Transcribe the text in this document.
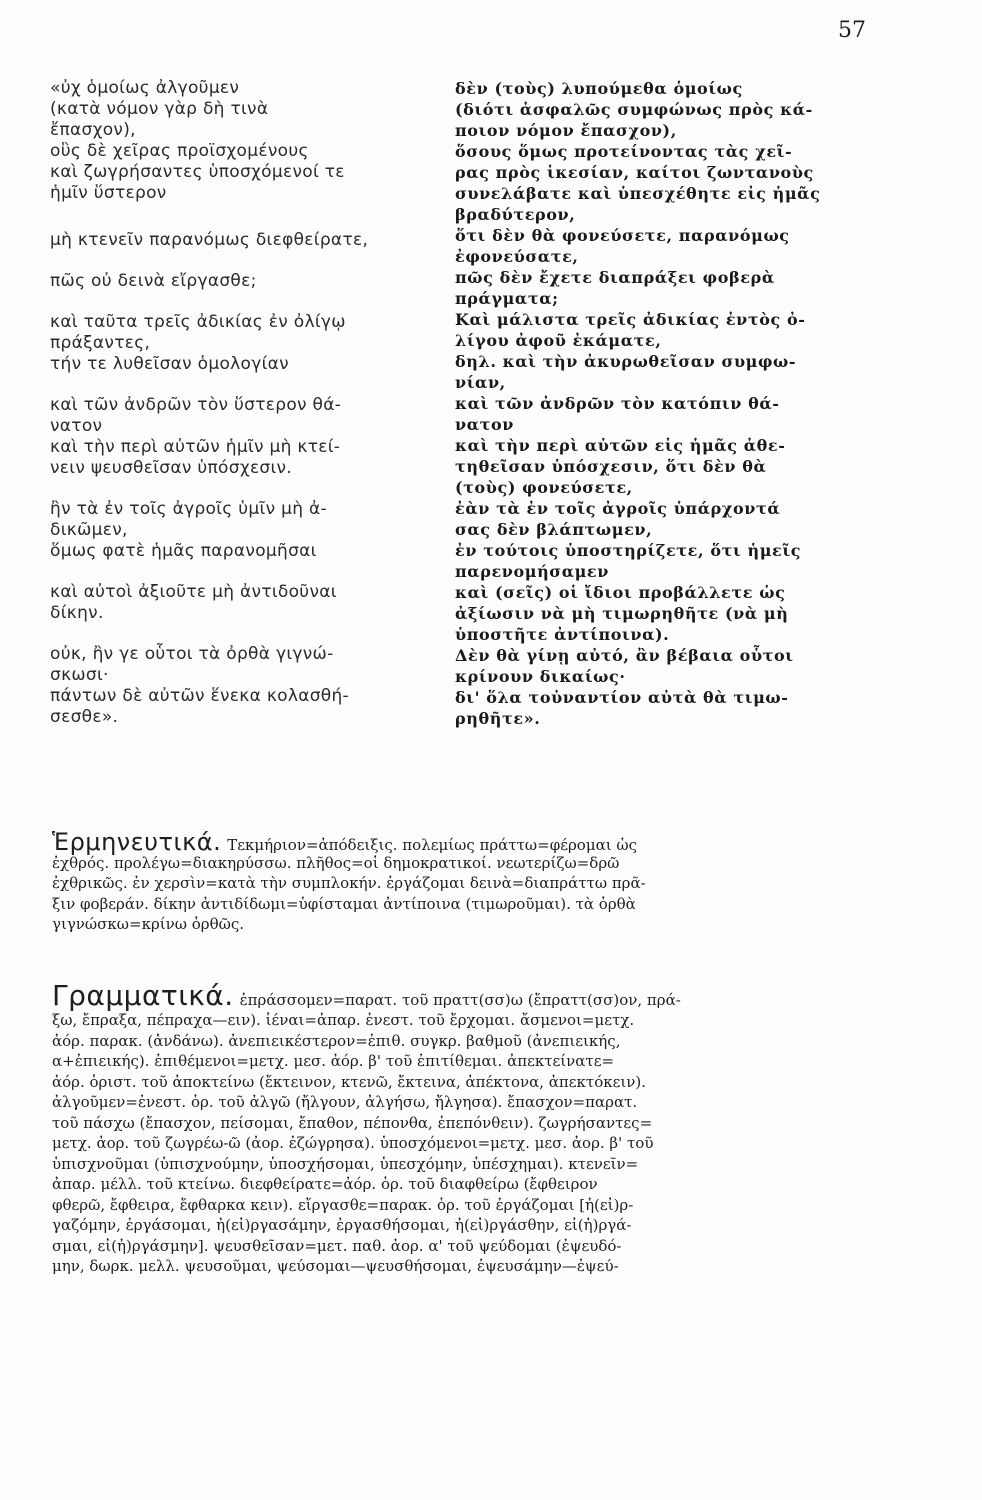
57
«ὐχ ὁμοίως ἀλγοῦμεν
(κατὰ νόμον γὰρ δὴ τινὰ
ἔπασχον),
οὓς δὲ χεῖρας προϊσχομένους
καὶ ζωγρήσαντες ὑποσχόμενοί τε
ἡμῖν ὕστερον
μὴ κτενεῖν παρανόμως διεφθείρατε,
πῶς οὐ δεινὰ εἴργασθε;
καὶ ταῦτα τρεῖς ἀδικίας ἐν ὀλίγῳ
πράξαντες,
τήν τε λυθεῖσαν ὁμολογίαν
καὶ τῶν ἀνδρῶν τὸν ὕστερον θά-
νατον
καὶ τὴν περὶ αὐτῶν ἡμῖν μὴ κτεί-
νειν ψευσθεῖσαν ὑπόσχεσιν.
ἢν τὰ ἐν τοῖς ἀγροῖς ὑμῖν μὴ ἀ-
δικῶμεν,
ὅμως φατὲ ἡμᾶς παρανομῆσαι
καὶ αὐτοὶ ἀξιοῦτε μὴ ἀντιδοῦναι
δίκην.
οὐκ, ἢν γε οὗτοι τὰ ὀρθὰ γιγνώ-
σκωσι·
πάντων δὲ αὐτῶν ἕνεκα κολασθή-
σεσθε».
δὲν (τοὺς) λυπούμεθα ὁμοίως
(διότι ἀσφαλῶς συμφώνως πρὸς κά-
ποιον νόμον ἔπασχον),
ὅσους ὅμως προτείνοντας τὰς χεῖ-
ρας πρὸς ἱκεσίαν, καίτοι ζωντανοὺς
συνελάβατε καὶ ὑπεσχέθητε εἰς ἡμᾶς
βραδύτερον,
ὅτι δὲν θὰ φονεύσετε, παρανόμως
ἐφονεύσατε,
πῶς δὲν ἔχετε διαπράξει φοβερὰ
πράγματα;
Καὶ μάλιστα τρεῖς ἀδικίας ἐντὸς ὀ-
λίγου ἀφοῦ ἐκάματε,
δηλ. καὶ τὴν ἀκυρωθεῖσαν συμφω-
νίαν,
καὶ τῶν ἀνδρῶν τὸν κατόπιν θά-
νατον
καὶ τὴν περὶ αὐτῶν εἰς ἡμᾶς ἀθε-
τηθεῖσαν ὑπόσχεσιν, ὅτι δὲν θὰ
(τοὺς) φονεύσετε,
ἐὰν τὰ ἐν τοῖς ἀγροῖς ὑπάρχοντά
σας δὲν βλάπτωμεν,
ἐν τούτοις ὑποστηρίζετε, ὅτι ἡμεῖς
παρενομήσαμεν
καὶ (σεῖς) οἱ ἴδιοι προβάλλετε ὡς
ἀξίωσιν νὰ μὴ τιμωρηθῆτε (νὰ μὴ
ὑποστῆτε ἀντίποινα).
Δὲν θὰ γίνῃ αὐτό, ἂν βέβαια οὗτοι
κρίνουν δικαίως·
δι' ὅλα τοὐναντίον αὐτὰ θὰ τιμω-
ρηθῆτε».
Ἑρμηνευτικά. Τεκμήριον=ἀπόδειξις. πολεμίως πράττω=φέρομαι ὡς
ἐχθρός. προλέγω=διακηρύσσω. πλῆθος=οἱ δημοκρατικοί. νεωτερίζω=δρῶ
ἐχθρικῶς. ἐν χερσὶν=κατὰ τὴν συμπλοκήν. ἐργάζομαι δεινὰ=διαπράττω πρᾶ-
ξιν φοβεράν. δίκην ἀντιδίδωμι=ὑφίσταμαι ἀντίποινα (τιμωροῦμαι). τὰ ὀρθὰ
γιγνώσκω=κρίνω ὀρθῶς.
Γραμματικά. ἐπράσσομεν=παρατ. τοῦ πραττ(σσ)ω (ἔπραττ(σσ)ον, πρά-
ξω, ἔπραξα, πέπραχα—ειν). ἰέναι=ἀπαρ. ἐνεστ. τοῦ ἔρχομαι. ἄσμενοι=μετχ.
ἀόρ. παρακ. (ἁνδάνω). ἀνεπιεικέστερον=ἐπιθ. συγκρ. βαθμοῦ (ἀνεπιεικής,
α+ἐπιεικής). ἐπιθέμενοι=μετχ. μεσ. ἀόρ. β' τοῦ ἐπιτίθεμαι. ἀπεκτείνατε=
ἀόρ. ὁριστ. τοῦ ἀποκτείνω (ἔκτεινον, κτενῶ, ἔκτεινα, ἀπέκτονα, ἀπεκτόκειν).
ἀλγοῦμεν=ἐνεστ. ὁρ. τοῦ ἀλγῶ (ἤλγουν, ἀλγήσω, ἤλγησα). ἔπασχον=παρατ.
τοῦ πάσχω (ἔπασχον, πείσομαι, ἔπαθον, πέπονθα, ἐπεπόνθειν). ζωγρήσαντες=
μετχ. ἀορ. τοῦ ζωγρέω-ῶ (ἀορ. ἐζώγρησα). ὑποσχόμενοι=μετχ. μεσ. ἀορ. β' τοῦ
ὑπισχνοῦμαι (ὑπισχνούμην, ὑποσχήσομαι, ὑπεσχόμην, ὑπέσχημαι). κτενεῖν=
ἀπαρ. μέλλ. τοῦ κτείνω. διεφθείρατε=ἀόρ. ὁρ. τοῦ διαφθείρω (ἔφθειρον
φθερῶ, ἔφθειρα, ἔφθαρκα κειν). εἴργασθε=παρακ. ὁρ. τοῦ ἐργάζομαι [ἠ(εἰ)ρ-
γαζόμην, ἐργάσομαι, ἠ(εἰ)ργασάμην, ἐργασθήσομαι, ἠ(εἰ)ργάσθην, εἰ(ἠ)ργά-
σμαι, εἰ(ἠ)ργάσμην]. ψευσθεῖσαν=μετ. παθ. ἀορ. α' τοῦ ψεύδομαι (ἐψευδό-
μην, δωρκ. μελλ. ψευσοῦμαι, ψεύσομαι—ψευσθήσομαι, ἐψευσάμην—ἐψεύ-
